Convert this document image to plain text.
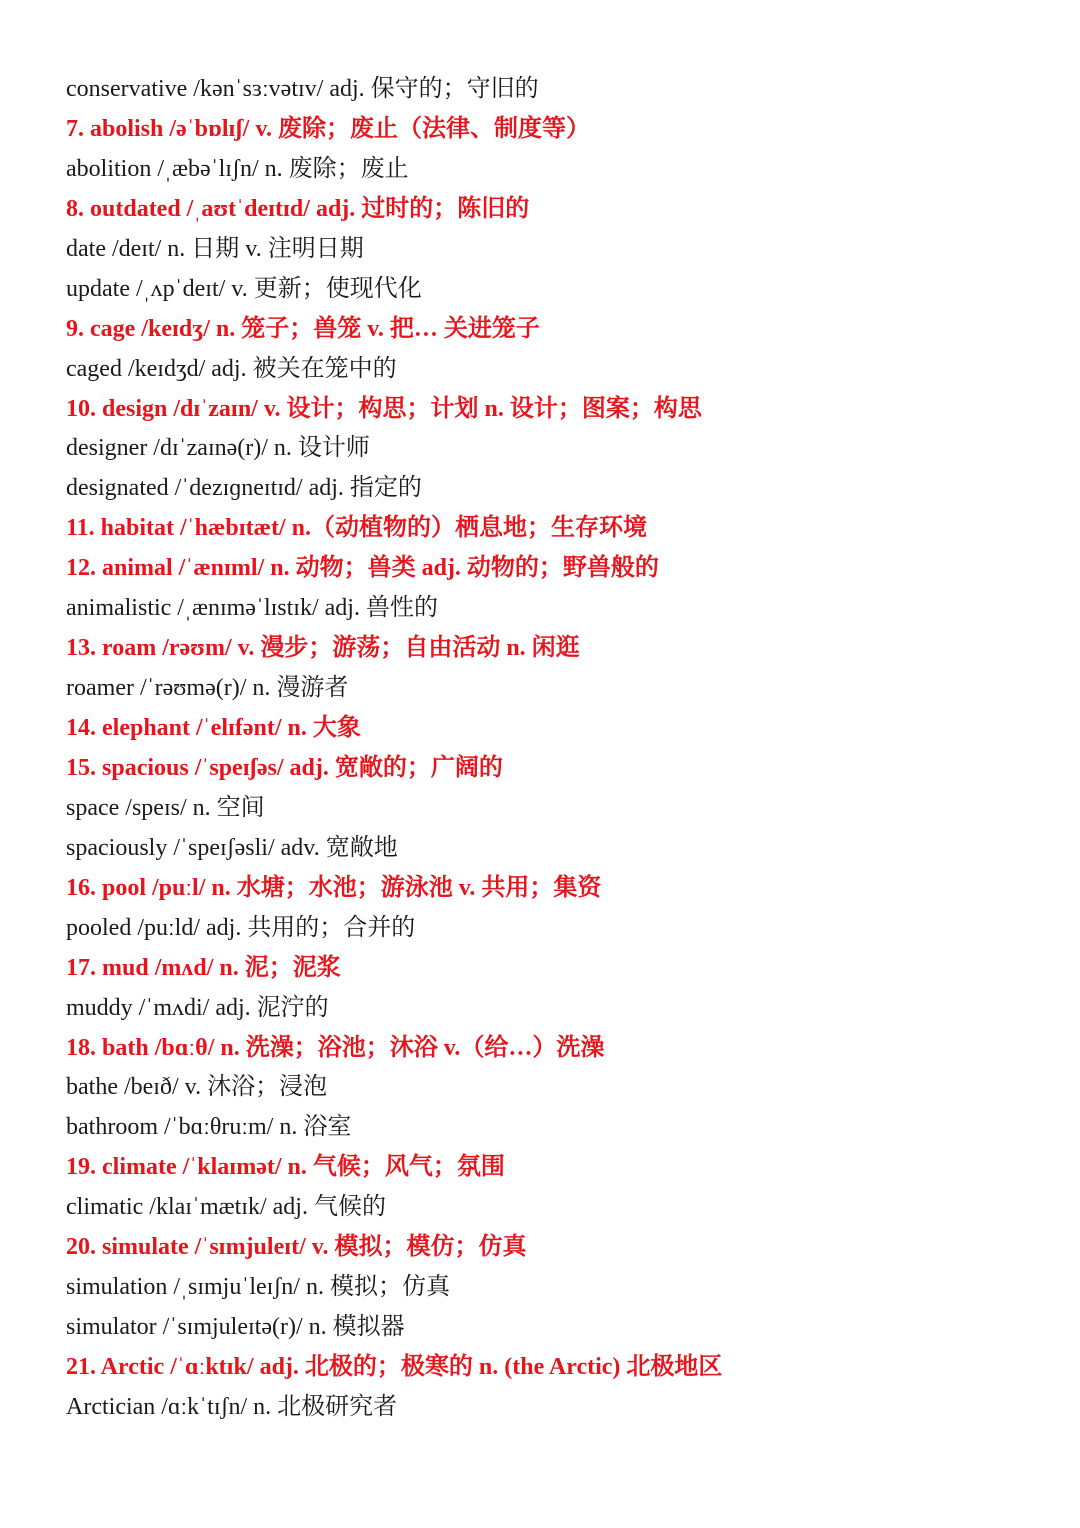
conservative /kənˈsɜːvətɪv/ adj. 保守的；守旧的
7. abolish /əˈbɒlɪʃ/ v. 废除；废止（法律、制度等）
abolition /ˌæbəˈlɪʃn/ n. 废除；废止
8. outdated /ˌaʊtˈdeɪtɪd/ adj. 过时的；陈旧的
date /deɪt/ n. 日期 v. 注明日期
update /ˌʌpˈdeɪt/ v. 更新；使现代化
9. cage /keɪdʒ/ n. 笼子；兽笼 v. 把… 关进笼子
caged /keɪdʒd/ adj. 被关在笼中的
10. design /dɪˈzaɪn/ v. 设计；构思；计划 n. 设计；图案；构思
designer /dɪˈzaɪnə(r)/ n. 设计师
designated /ˈdezɪɡneɪtɪd/ adj. 指定的
11. habitat /ˈhæbɪtæt/ n.（动植物的）栖息地；生存环境
12. animal /ˈænɪml/ n. 动物；兽类 adj. 动物的；野兽般的
animalistic /ˌænɪməˈlɪstɪk/ adj. 兽性的
13. roam /rəʊm/ v. 漫步；游荡；自由活动 n. 闲逛
roamer /ˈrəʊmə(r)/ n. 漫游者
14. elephant /ˈelɪfənt/ n. 大象
15. spacious /ˈspeɪʃəs/ adj. 宽敞的；广阔的
space /speɪs/ n. 空间
spaciously /ˈspeɪʃəsli/ adv. 宽敞地
16. pool /puːl/ n. 水塘；水池；游泳池 v. 共用；集资
pooled /puːld/ adj. 共用的；合并的
17. mud /mʌd/ n. 泥；泥浆
muddy /ˈmʌdi/ adj. 泥泞的
18. bath /bɑːθ/ n. 洗澡；浴池；沐浴 v.（给…）洗澡
bathe /beɪð/ v. 沐浴；浸泡
bathroom /ˈbɑːθruːm/ n. 浴室
19. climate /ˈklaɪmət/ n. 气候；风气；氛围
climatic /klaɪˈmætɪk/ adj. 气候的
20. simulate /ˈsɪmjuleɪt/ v. 模拟；模仿；仿真
simulation /ˌsɪmjuˈleɪʃn/ n. 模拟；仿真
simulator /ˈsɪmjuleɪtə(r)/ n. 模拟器
21. Arctic /ˈɑːktɪk/ adj. 北极的；极寒的 n. (the Arctic) 北极地区
Arctician /ɑːkˈtɪʃn/ n. 北极研究者
